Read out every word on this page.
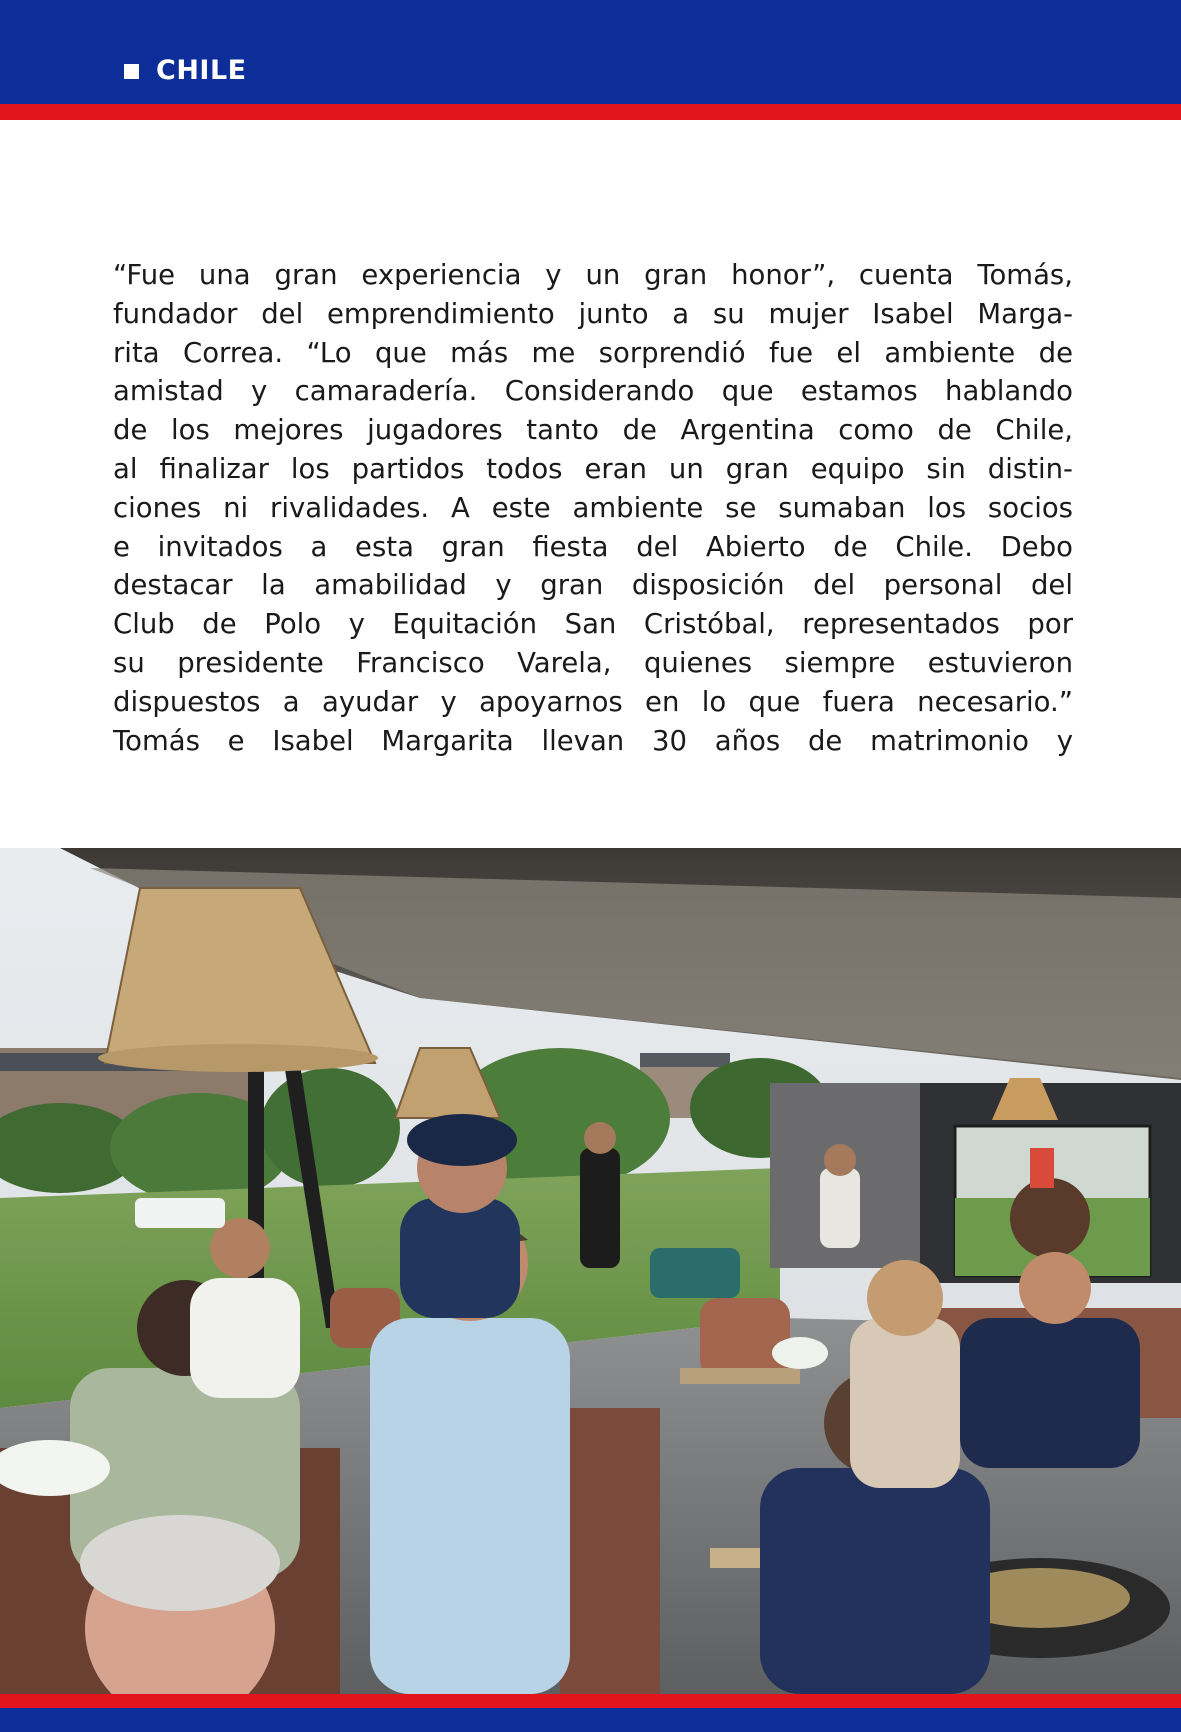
CHILE

“Fue una gran experiencia y un gran honor”, cuenta Tomás,

fundador del emprendimiento junto a su mujer Isabel Marga-

rita Correa. “Lo que más me sorprendió fue el ambiente de

amistad y camaradería. Considerando que estamos hablando

de los mejores jugadores tanto de Argentina como de Chile,

al finalizar los partidos todos eran un gran equipo sin distin-

ciones ni rivalidades. A este ambiente se sumaban los socios

e invitados a esta gran fiesta del Abierto de Chile. Debo

destacar la amabilidad y gran disposición del personal del

Club de Polo y Equitación San Cristóbal, representados por

su presidente Francisco Varela, quienes siempre estuvieron

dispuestos a ayudar y apoyarnos en lo que fuera necesario.”

Tomás e Isabel Margarita llevan 30 años de matrimonio y
